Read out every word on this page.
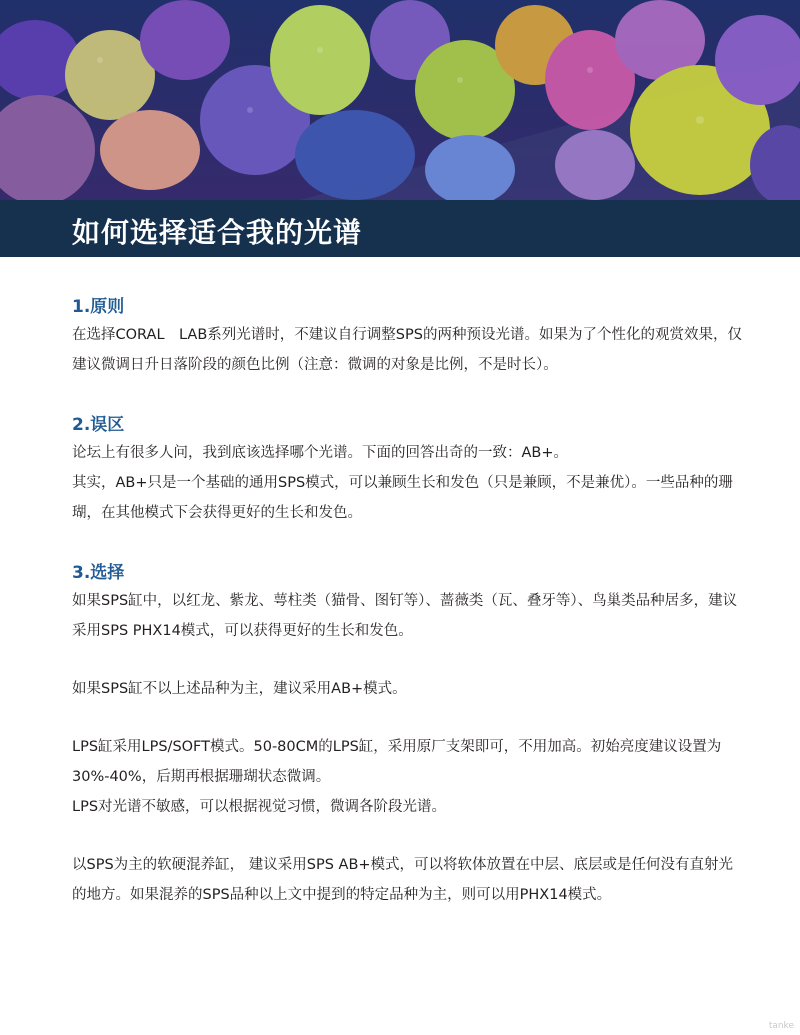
如何选择适合我的光谱
1.原则

在选择CORAL　LAB系列光谱时，不建议自行调整SPS的两种预设光谱。如果为了个性化的观赏效果，仅建议微调日升日落阶段的颜色比例（注意：微调的对象是比例，不是时长）。

2.误区

论坛上有很多人问，我到底该选择哪个光谱。下面的回答出奇的一致：AB+。

其实，AB+只是一个基础的通用SPS模式，可以兼顾生长和发色（只是兼顾，不是兼优）。一些品种的珊瑚，在其他模式下会获得更好的生长和发色。

3.选择

如果SPS缸中，以红龙、紫龙、萼柱类（猫骨、图钉等）、蔷薇类（瓦、叠牙等）、鸟巢类品种居多，建议采用SPS PHX14模式，可以获得更好的生长和发色。

如果SPS缸不以上述品种为主，建议采用AB+模式。

LPS缸采用LPS/SOFT模式。50-80CM的LPS缸，采用原厂支架即可，不用加高。初始亮度建议设置为30%-40%，后期再根据珊瑚状态微调。

LPS对光谱不敏感，可以根据视觉习惯，微调各阶段光谱。

以SPS为主的软硬混养缸， 建议采用SPS AB+模式，可以将软体放置在中层、底层或是任何没有直射光的地方。如果混养的SPS品种以上文中提到的特定品种为主，则可以用PHX14模式。

tanke
